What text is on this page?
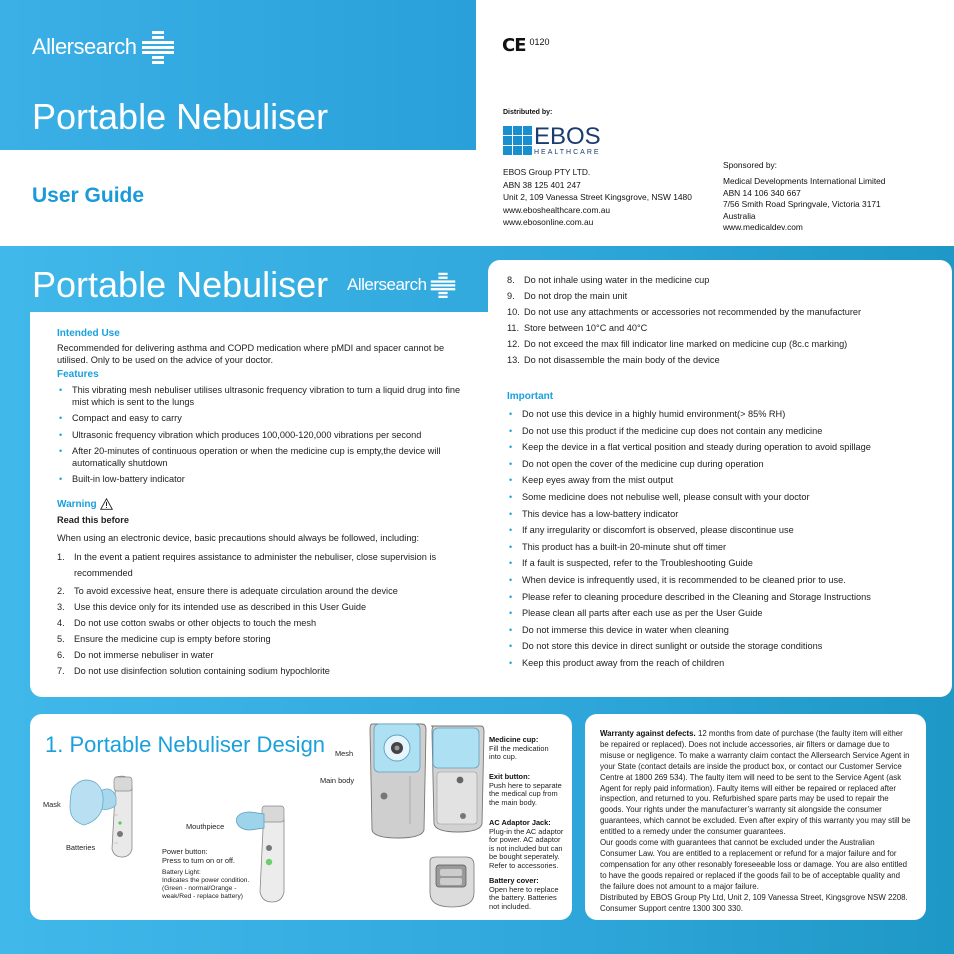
Allersearch
Portable Nebuliser
User Guide
CE 0120
Distributed by:
EBOS
HEALTHCARE
EBOS Group PTY LTD.
ABN 38 125 401 247
Unit 2, 109 Vanessa Street Kingsgrove, NSW 1480
www.eboshealthcare.com.au
www.ebosonline.com.au
Sponsored by:
Medical Developments International Limited
ABN 14 106 340 667
7/56 Smith Road Springvale, Victoria 3171
Australia
www.medicaldev.com
Portable Nebuliser Allersearch
Intended Use
Recommended for delivering asthma and COPD medication where pMDI and spacer cannot be utilised. Only to be used on the advice of your doctor.
Features
• This vibrating mesh nebuliser utilises ultrasonic frequency vibration to turn a liquid drug into fine mist which is sent to the lungs
• Compact and easy to carry
• Ultrasonic frequency vibration which produces 100,000-120,000 vibrations per second
• After 20-minutes of continuous operation or when the medicine cup is empty,the device will automatically shutdown
• Built-in low-battery indicator
Warning
Read this before
When using an electronic device, basic precautions should always be followed, including:
1. In the event a patient requires assistance to administer the nebuliser, close supervision is recommended
2. To avoid excessive heat, ensure there is adequate circulation around the device
3. Use this device only for its intended use as described in this User Guide
4. Do not use cotton swabs or other objects to touch the mesh
5. Ensure the medicine cup is empty before storing
6. Do not immerse nebuliser in water
7. Do not use disinfection solution containing sodium hypochlorite
8. Do not inhale using water in the medicine cup
9. Do not drop the main unit
10. Do not use any attachments or accessories not recommended by the manufacturer
11. Store between 10°C and 40°C
12. Do not exceed the max fill indicator line marked on medicine cup (8c.c marking)
13. Do not disassemble the main body of the device
Important
• Do not use this device in a highly humid environment(> 85% RH)
• Do not use this product if the medicine cup does not contain any medicine
• Keep the device in a flat vertical position and steady during operation to avoid spillage
• Do not open the cover of the medicine cup during operation
• Keep eyes away from the mist output
• Some medicine does not nebulise well, please consult with your doctor
• This device has a low-battery indicator
• If any irregularity or discomfort is observed, please discontinue use
• This product has a built-in 20-minute shut off timer
• If a fault is suspected, refer to the Troubleshooting Guide
• When device is infrequently used, it is recommended to be cleaned prior to use.
• Please refer to cleaning procedure described in the Cleaning and Storage Instructions
• Please clean all parts after each use as per the User Guide
• Do not immerse this device in water when cleaning
• Do not store this device in direct sunlight or outside the storage conditions
• Keep this product away from the reach of children
1. Portable Nebuliser Design
Mask
Batteries
Mouthpiece
Power button:
Press to turn on or off.
Battery Light:
Indicates the power condition.
(Green - normal/Orange -
weak/Red - replace battery)
Mesh
Main body
Medicine cup:
Fill the medication
into cup.
Exit button:
Push here to separate
the medical cup from
the main body.
AC Adaptor Jack:
Plug-in the AC adaptor
for power. AC adaptor
is not included but can
be bought seperately.
Refer to accessories.
Battery cover:
Open here to replace
the battery. Batteries
not included.

Warranty against defects. 12 months from date of purchase (the faulty item will either be repaired or replaced). Does not include accessories, air filters or damage due to misuse or negligence. To make a warranty claim contact the Allersearch Service Agent in your State (contact details are inside the product box, or contact our Customer Service Centre at 1800 269 534). The faulty item will need to be sent to the Service Agent (ask Agent for reply paid information). Faulty items will either be repaired or replaced after inspection, and returned to you. Refurbished spare parts may be used to repair the goods. Your rights under the manufacturer’s warranty sit alongside the consumer guarantees, which cannot be excluded. Even after expiry of this warranty you may still be entitled to a remedy under the consumer guarantees.

Our goods come with guarantees that cannot be excluded under the Australian Consumer Law. You are entitled to a replacement or refund for a major failure and for compensation for any other resonably foreseeable loss or damage. You are also entitled to have the goods repaired or replaced if the goods fail to be of acceptable quality and the failure does not amount to a major failure.

Distributed by EBOS Group Pty Ltd, Unit 2, 109 Vanessa Street, Kingsgrove NSW 2208. Consumer Support centre 1300 300 330.
